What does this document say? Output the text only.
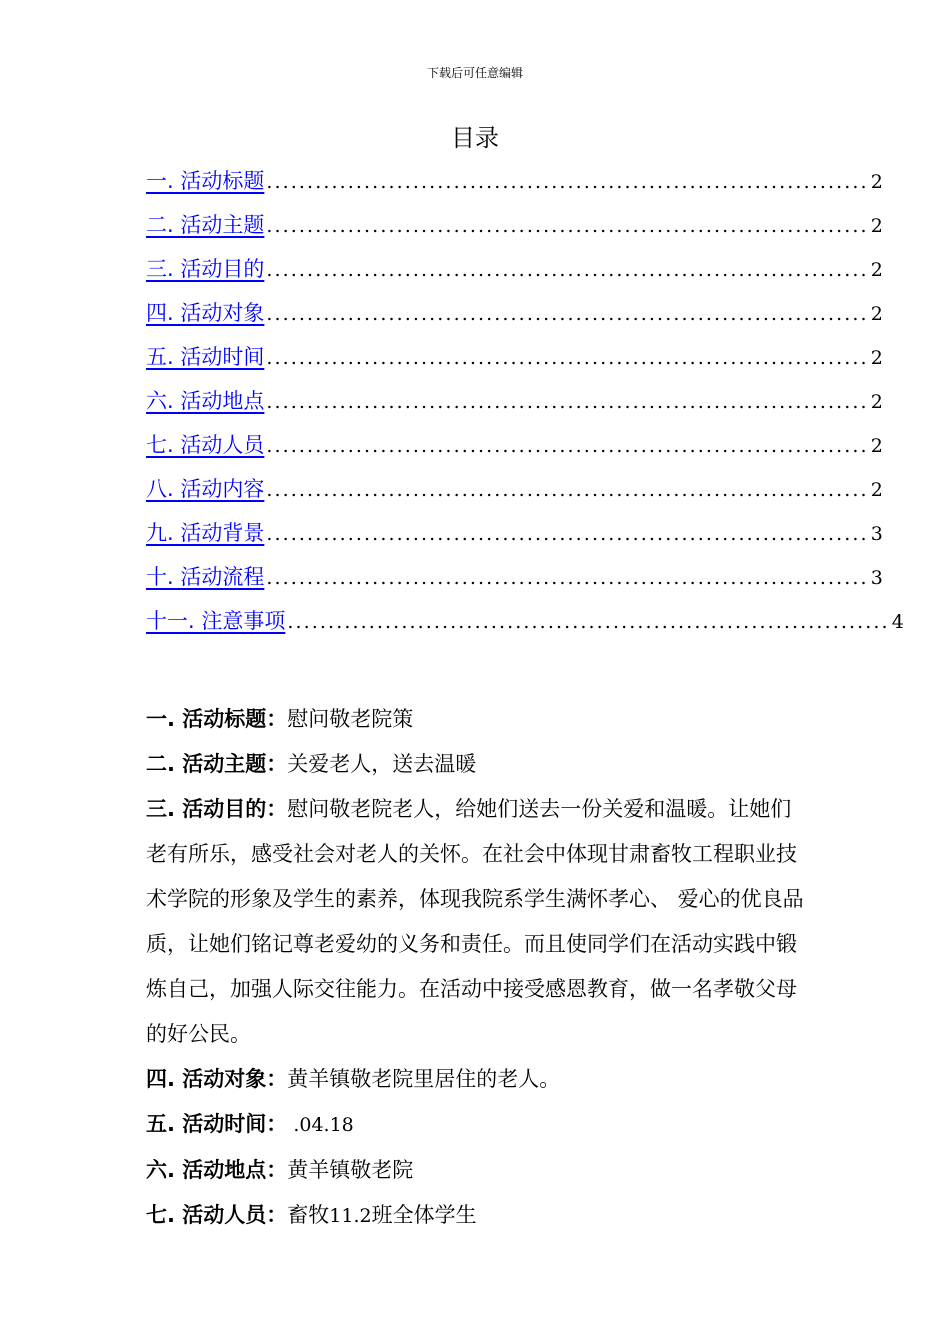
下载后可任意编辑
目录
一. 活动标题 .......................................................................... 2
二. 活动主题 .......................................................................... 2
三. 活动目的 .......................................................................... 2
四. 活动对象 .......................................................................... 2
五. 活动时间 .......................................................................... 2
六. 活动地点 .......................................................................... 2
七. 活动人员 .......................................................................... 2
八. 活动内容 .......................................................................... 2
九. 活动背景 .......................................................................... 3
十. 活动流程 .......................................................................... 3
十一. 注意事项 .......................................................................... 4

一. 活动标题：慰问敬老院策

二. 活动主题：关爱老人，送去温暖

三. 活动目的：慰问敬老院老人，给她们送去一份关爱和温暖。让她们老有所乐，感受社会对老人的关怀。在社会中体现甘肃畜牧工程职业技术学院的形象及学生的素养，体现我院系学生满怀孝心、 爱心的优良品质，让她们铭记尊老爱幼的义务和责任。而且使同学们在活动实践中锻炼自己，加强人际交往能力。在活动中接受感恩教育，做一名孝敬父母的好公民。

四. 活动对象：黄羊镇敬老院里居住的老人。

五. 活动时间： .04.18

六. 活动地点：黄羊镇敬老院

七. 活动人员：畜牧11.2班全体学生
